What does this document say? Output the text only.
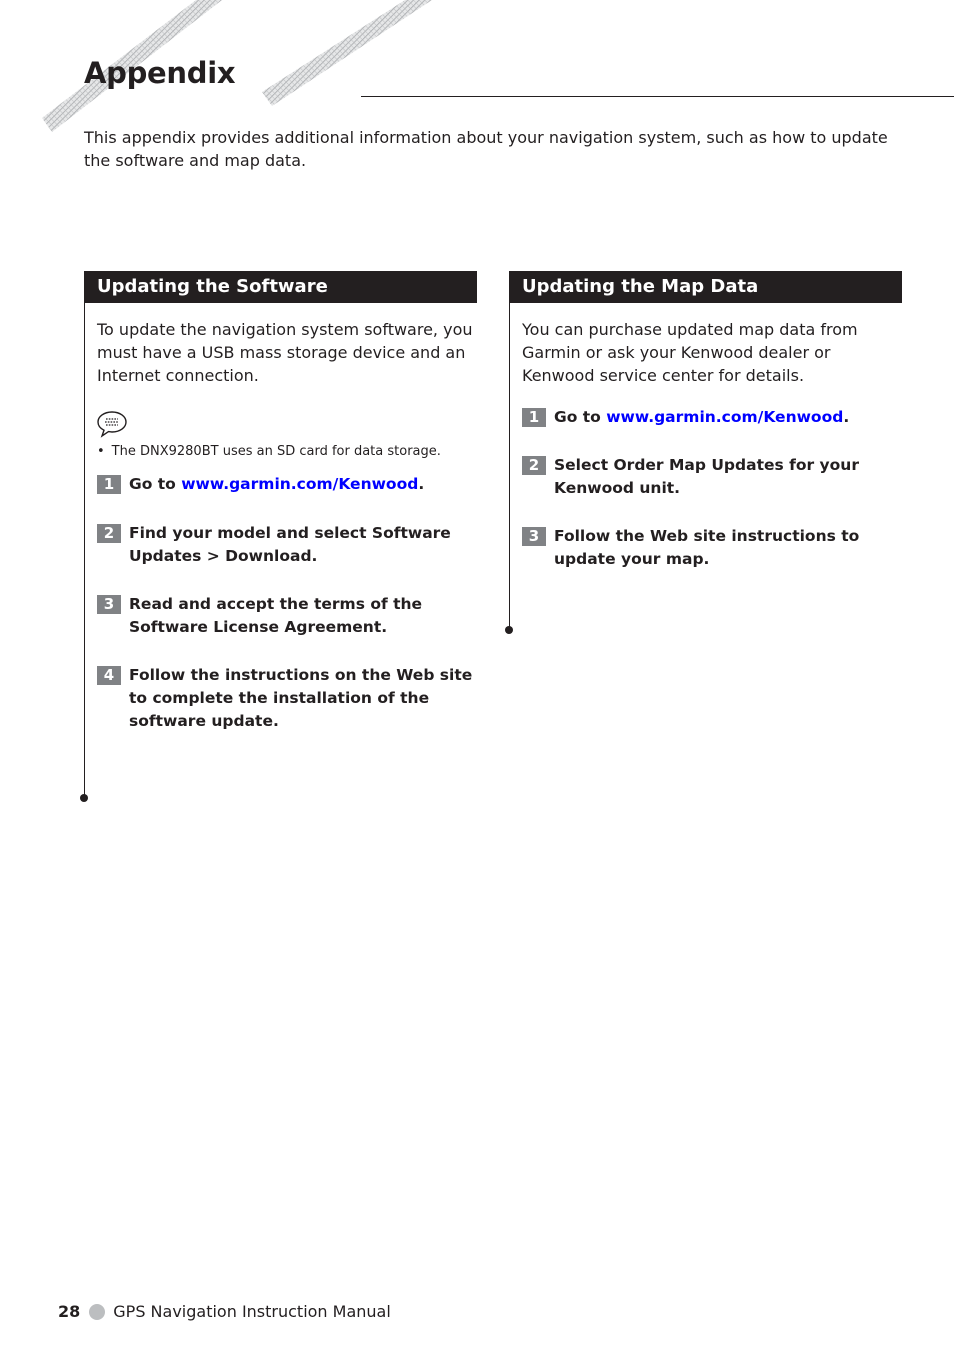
Appendix

This appendix provides additional information about your navigation system, such as how to update the software and map data.

Updating the Software

To update the navigation system software, you must have a USB mass storage device and an Internet connection.

• The DNX9280BT uses an SD card for data storage.

1 Go to www.garmin.com/Kenwood.
2 Find your model and select Software Updates > Download.
3 Read and accept the terms of the Software License Agreement.
4 Follow the instructions on the Web site to complete the installation of the software update.
Updating the Map Data

You can purchase updated map data from Garmin or ask your Kenwood dealer or Kenwood service center for details.

1 Go to www.garmin.com/Kenwood.
2 Select Order Map Updates for your Kenwood unit.
3 Follow the Web site instructions to update your map.
28 GPS Navigation Instruction Manual
